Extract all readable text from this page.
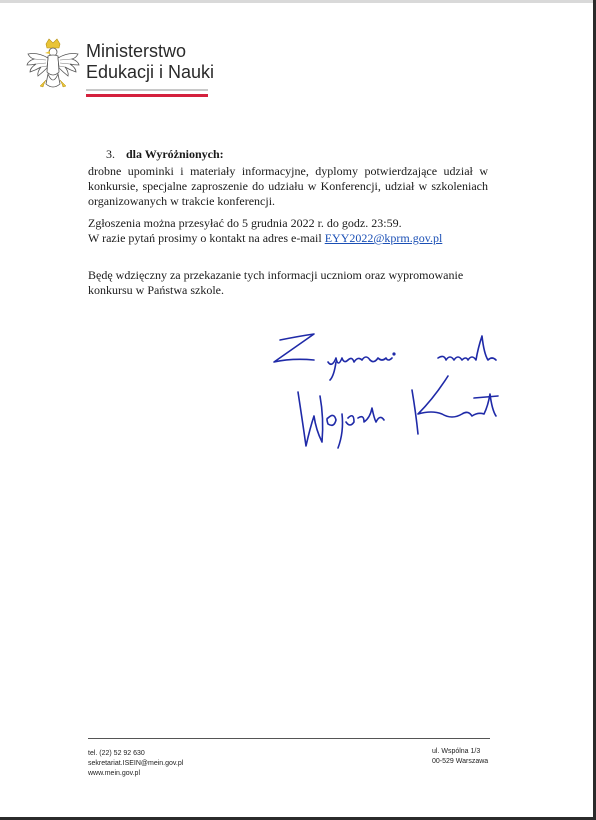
Ministerstwo
Edukacji i Nauki
3. dla Wyróżnionych:
drobne upominki i materiały informacyjne, dyplomy potwierdzające udział w konkursie, specjalne zaproszenie do udziału w Konferencji, udział w szkoleniach organizowanych w trakcie konferencji.
Zgłoszenia można przesyłać do 5 grudnia 2022 r. do godz. 23:59.
W razie pytań prosimy o kontakt na adres e-mail EYY2022@kprm.gov.pl
Będę wdzięczny za przekazanie tych informacji uczniom oraz wypromowanie konkursu w Państwa szkole.
tel. (22) 52 92 630
sekretariat.ISEIN@mein.gov.pl
www.mein.gov.pl
ul. Wspólna 1/3
00-529 Warszawa
